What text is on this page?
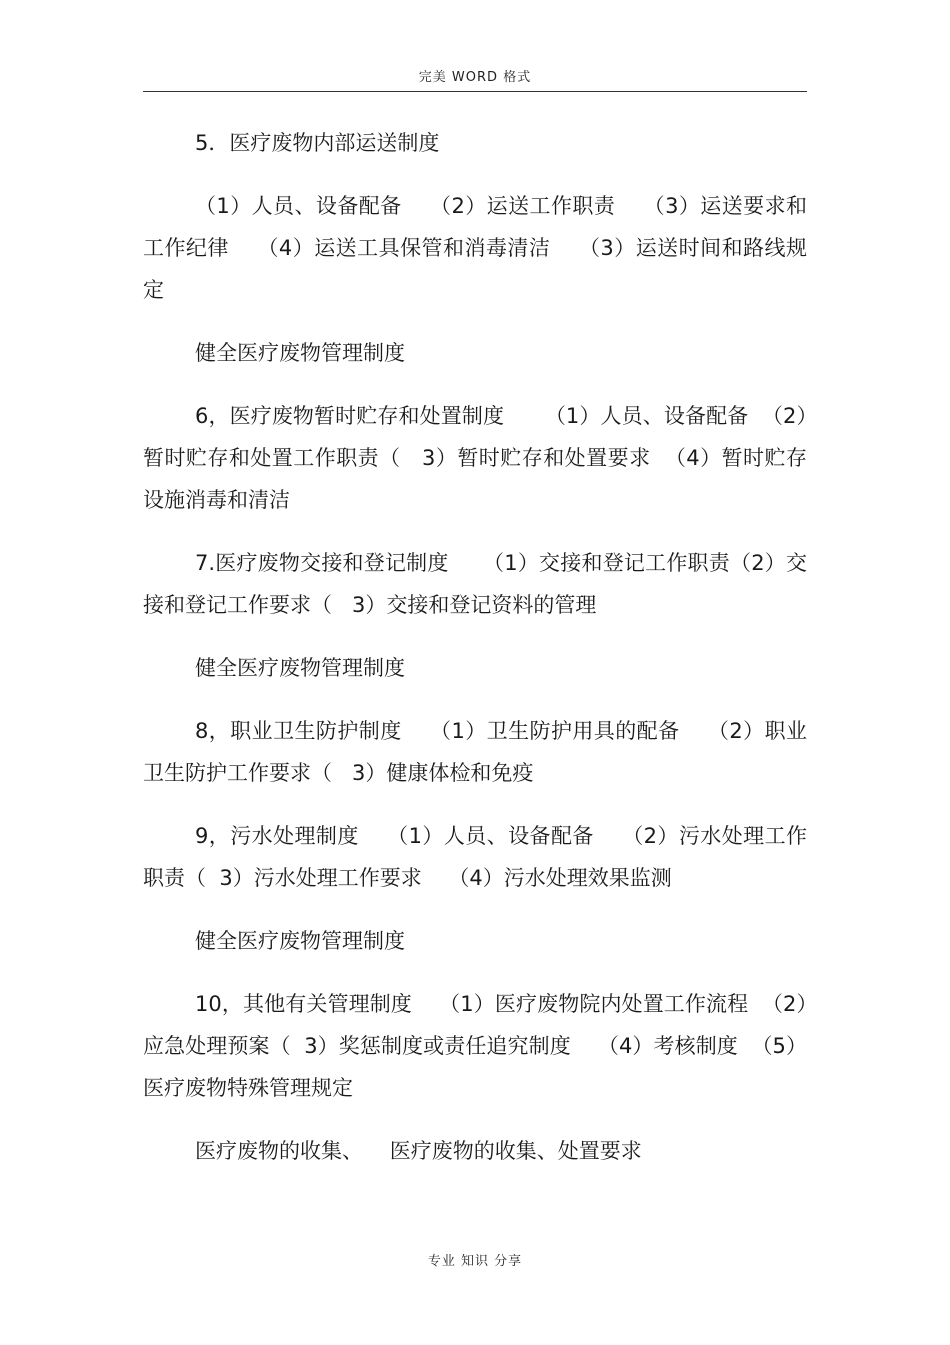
完美 WORD 格式

5．医疗废物内部运送制度

（1）人员、设备配备    （2）运送工作职责    （3）运送要求和工作纪律    （4）运送工具保管和消毒清洁    （3）运送时间和路线规定

健全医疗废物管理制度

6，医疗废物暂时贮存和处置制度      （1）人员、设备配备  （2）暂时贮存和处置工作职责（   3）暂时贮存和处置要求  （4）暂时贮存设施消毒和清洁

7.医疗废物交接和登记制度     （1）交接和登记工作职责（2）交接和登记工作要求（   3）交接和登记资料的管理

健全医疗废物管理制度

8，职业卫生防护制度    （1）卫生防护用具的配备    （2）职业卫生防护工作要求（   3）健康体检和免疫

9，污水处理制度    （1）人员、设备配备    （2）污水处理工作职责（  3）污水处理工作要求    （4）污水处理效果监测

健全医疗废物管理制度

10，其他有关管理制度    （1）医疗废物院内处置工作流程  （2）应急处理预案（  3）奖惩制度或责任追究制度    （4）考核制度  （5）医疗废物特殊管理规定

医疗废物的收集、    医疗废物的收集、处置要求

专业 知识 分享
